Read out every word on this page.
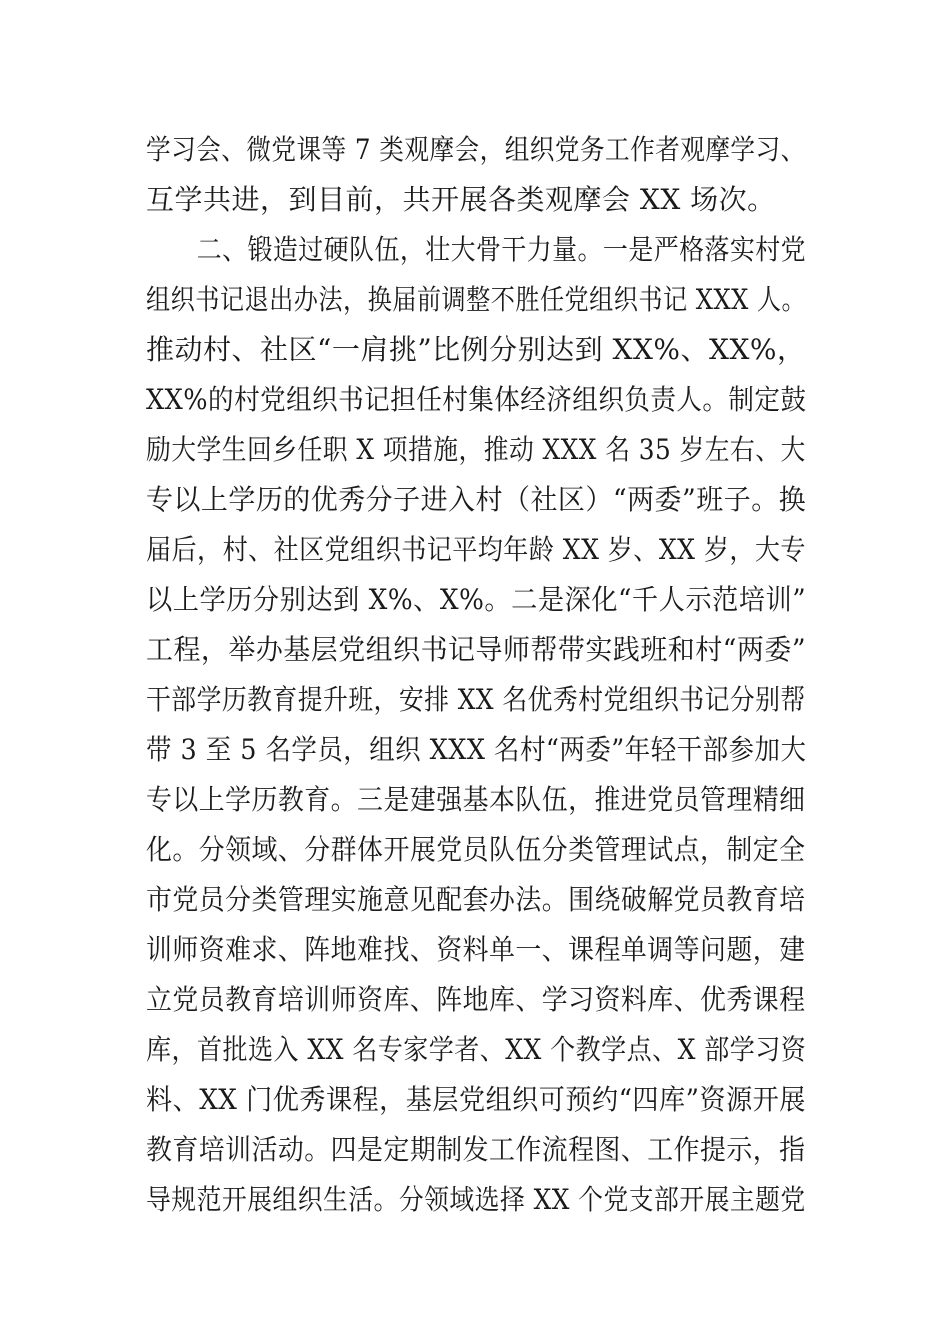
学习会、微党课等 7 类观摩会，组织党务工作者观摩学习、
互学共进，到目前，共开展各类观摩会 XX 场次。
　　二、锻造过硬队伍，壮大骨干力量。一是严格落实村党
组织书记退出办法，换届前调整不胜任党组织书记 XXX 人。
推动村、社区“一肩挑”比例分别达到 XX%、XX%，
XX%的村党组织书记担任村集体经济组织负责人。制定鼓
励大学生回乡任职 X 项措施，推动 XXX 名 35 岁左右、大
专以上学历的优秀分子进入村（社区）“两委”班子。换
届后，村、社区党组织书记平均年龄 XX 岁、XX 岁，大专
以上学历分别达到 X%、X%。二是深化“千人示范培训”
工程，举办基层党组织书记导师帮带实践班和村“两委”
干部学历教育提升班，安排 XX 名优秀村党组织书记分别帮
带 3 至 5 名学员，组织 XXX 名村“两委”年轻干部参加大
专以上学历教育。三是建强基本队伍，推进党员管理精细
化。分领域、分群体开展党员队伍分类管理试点，制定全
市党员分类管理实施意见配套办法。围绕破解党员教育培
训师资难求、阵地难找、资料单一、课程单调等问题，建
立党员教育培训师资库、阵地库、学习资料库、优秀课程
库，首批选入 XX 名专家学者、XX 个教学点、X 部学习资
料、XX 门优秀课程，基层党组织可预约“四库”资源开展
教育培训活动。四是定期制发工作流程图、工作提示，指
导规范开展组织生活。分领域选择 XX 个党支部开展主题党
